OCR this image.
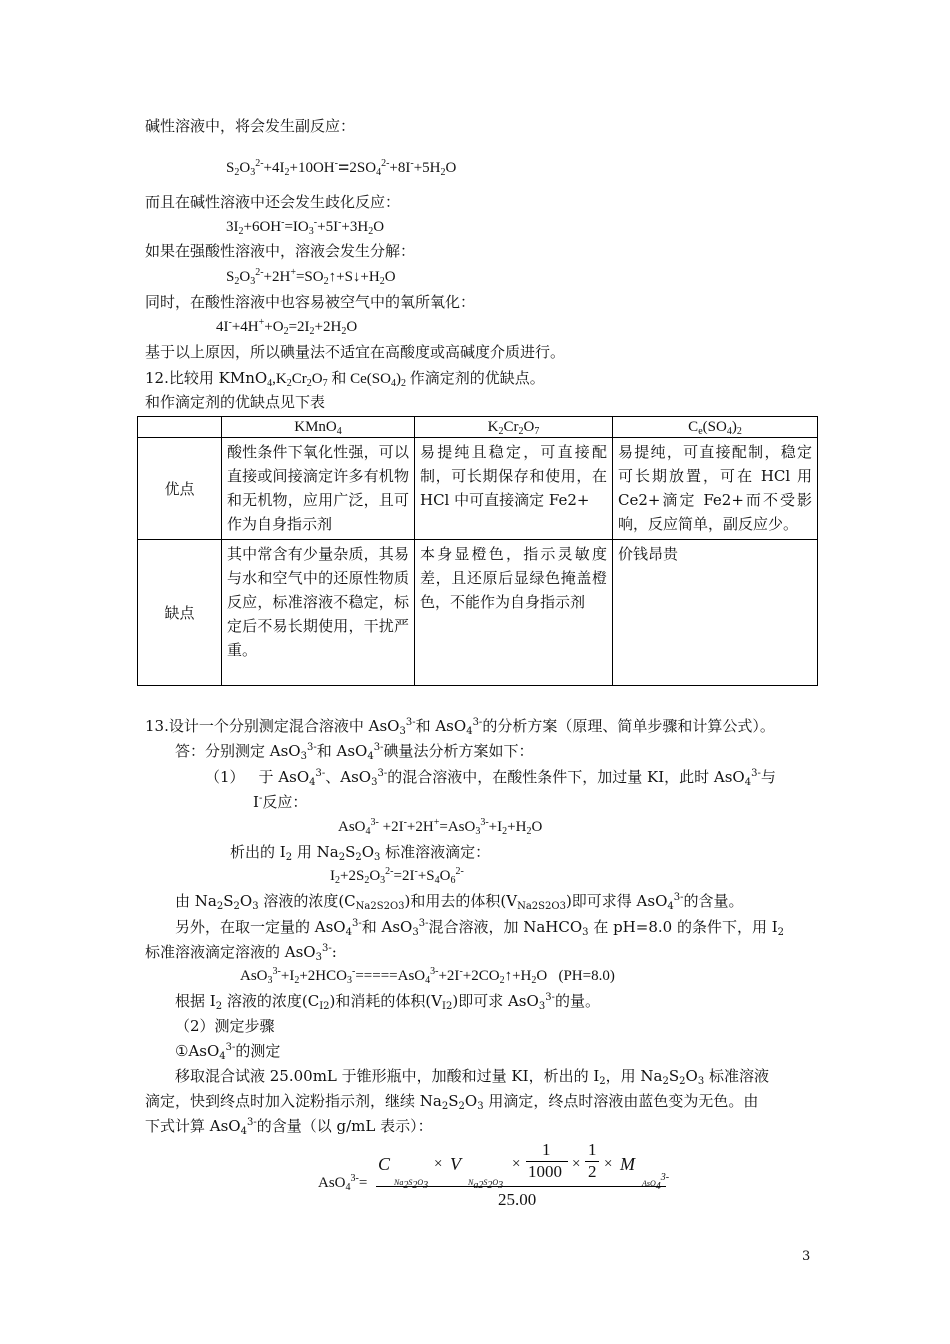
碱性溶液中，将会发生副反应：
$S_2O_3^{2-}+4I_2+10OH^-=2SO_4^{2-}+8I^-+5H_2O$
而且在碱性溶液中还会发生歧化反应：
$3I_2+6OH^-=IO_3^-+5I^-+3H_2O$
如果在强酸性溶液中，溶液会发生分解：
$S_2O_3^{2-}+2H^+=SO_2↑+S↓+H_2O$
同时，在酸性溶液中也容易被空气中的氧所氧化：
$4I^-+4H^++O_2=2I_2+2H_2O$
基于以上原因，所以碘量法不适宜在高酸度或高碱度介质进行。
12.比较用 $KMnO_4,K_2Cr_2O_7$ 和 $Ce(SO_4)_2$ 作滴定剂的优缺点。
和作滴定剂的优缺点见下表
	KMnO$_4$	$K_2Cr_2O_7$	$C_e(SO_4)_2$
优点	酸性条件下氧化性强，可以直接或间接滴定许多有机物和无机物，应用广泛，且可作为自身指示剂	易提纯且稳定，可直接配制，可长期保存和使用，在 HCl 中可直接滴定 Fe2+	易提纯，可直接配制，稳定可长期放置，可在 HCl 用 Ce2+滴定 Fe2+而不受影响，反应简单，副反应少。
缺点	其中常含有少量杂质，其易与水和空气中的还原性物质反应，标准溶液不稳定，标定后不易长期使用，干扰严重。	本身显橙色，指示灵敏度差，且还原后显绿色掩盖橙色，不能作为自身指示剂	价钱昂贵
13.设计一个分别测定混合溶液中 AsO$_3^{3-}$和 AsO$_4^{3-}$的分析方案（原理、简单步骤和计算公式）。
答：分别测定 AsO$_3^{3-}$和 AsO$_4^{3-}$碘量法分析方案如下：
（1） 于 AsO$_4^{3-}$、AsO$_3^{3-}$的混合溶液中，在酸性条件下，加过量 KI，此时 AsO$_4^{3-}$与
I-反应：
$AsO_4^{3-} +2I^-+2H^+=AsO_3^{3-}+I_2+H_2O$
析出的 $I_2$ 用 $Na_2S_2O_3$ 标准溶液滴定：
$I_2+2S_2O_3^{2-}=2I^-+S_4O_6^{2-}$
由 $Na_2S_2O_3$ 溶液的浓度$(C_{Na2S2O3})$和用去的体积$(V_{Na2S2O3})$即可求得 AsO$_4^{3-}$的含量。
另外，在取一定量的 AsO$_4^{3-}$和 AsO$_3^{3-}$混合溶液，加 NaHCO$_3$ 在 pH=8.0 的条件下，用 $I_2$
标准溶液滴定溶液的 AsO$_3^{3-}$:
$AsO_3^{3-}+I_2+2HCO_3^-=====AsO_4^{3-}+2I^-+2CO_2↑+H_2O$   (PH=8.0)
根据 $I_2$ 溶液的浓度$(C_{I2})$和消耗的体积$(V_{I2})$即可求 AsO$_3^{3-}$的量。
（2）测定步骤
①AsO$_4^{3-}$的测定
移取混合试液 25.00mL 于锥形瓶中，加酸和过量 KI，析出的 $I_2$，用 $Na_2S_2O_3$ 标准溶液
滴定，快到终点时加入淀粉指示剂，继续 $Na_2S_2O_3$ 用滴定，终点时溶液由蓝色变为无色。由
下式计算 AsO$_4^{3-}$的含量（以 g/mL 表示）：
AsO$_4^{3-}$=
C
$Na_2S_2O_3$
× V
$N_{a2}S_2O_3$
×
1
1000 ×
1
2 × M
AsO$_4^{3-}$
25.00
3
